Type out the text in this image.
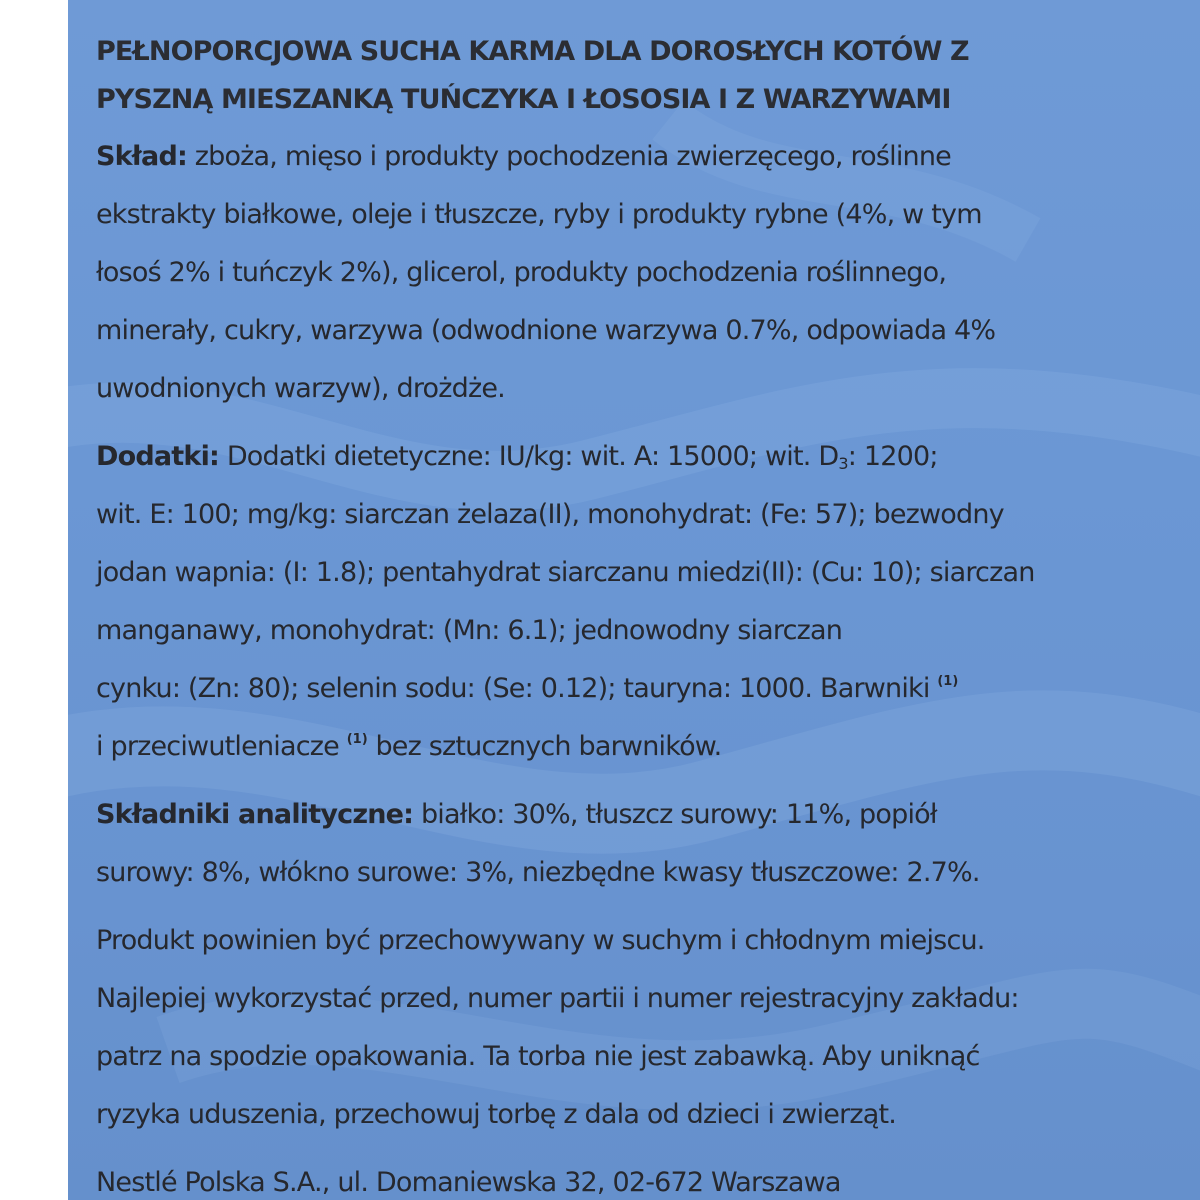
PEŁNOPORCJOWA SUCHA KARMA DLA DOROSŁYCH KOTÓW Z
PYSZNĄ MIESZANKĄ TUŃCZYKA I ŁOSOSIA I Z WARZYWAMI
Skład: zboża, mięso i produkty pochodzenia zwierzęcego, roślinne
ekstrakty białkowe, oleje i tłuszcze, ryby i produkty rybne (4%, w tym
łosoś 2% i tuńczyk 2%), glicerol, produkty pochodzenia roślinnego,
minerały, cukry, warzywa (odwodnione warzywa 0.7%, odpowiada 4%
uwodnionych warzyw), drożdże.
Dodatki: Dodatki dietetyczne: IU/kg: wit. A: 15000; wit. $D_3$: 1200;
wit. E: 100; mg/kg: siarczan żelaza(II), monohydrat: (Fe: 57); bezwodny
jodan wapnia: (I: 1.8); pentahydrat siarczanu miedzi(II): (Cu: 10); siarczan
manganawy, monohydrat: (Mn: 6.1); jednowodny siarczan
cynku: (Zn: 80); selenin sodu: (Se: 0.12); tauryna: 1000. Barwniki (1)
i przeciwutleniacze (1) bez sztucznych barwników.
Składniki analityczne: białko: 30%, tłuszcz surowy: 11%, popiół
surowy: 8%, włókno surowe: 3%, niezbędne kwasy tłuszczowe: 2.7%.
Produkt powinien być przechowywany w suchym i chłodnym miejscu.
Najlepiej wykorzystać przed, numer partii i numer rejestracyjny zakładu:
patrz na spodzie opakowania. Ta torba nie jest zabawką. Aby uniknąć
ryzyka uduszenia, przechowuj torbę z dala od dzieci i zwierząt.
Nestlé Polska S.A., ul. Domaniewska 32, 02-672 Warszawa
